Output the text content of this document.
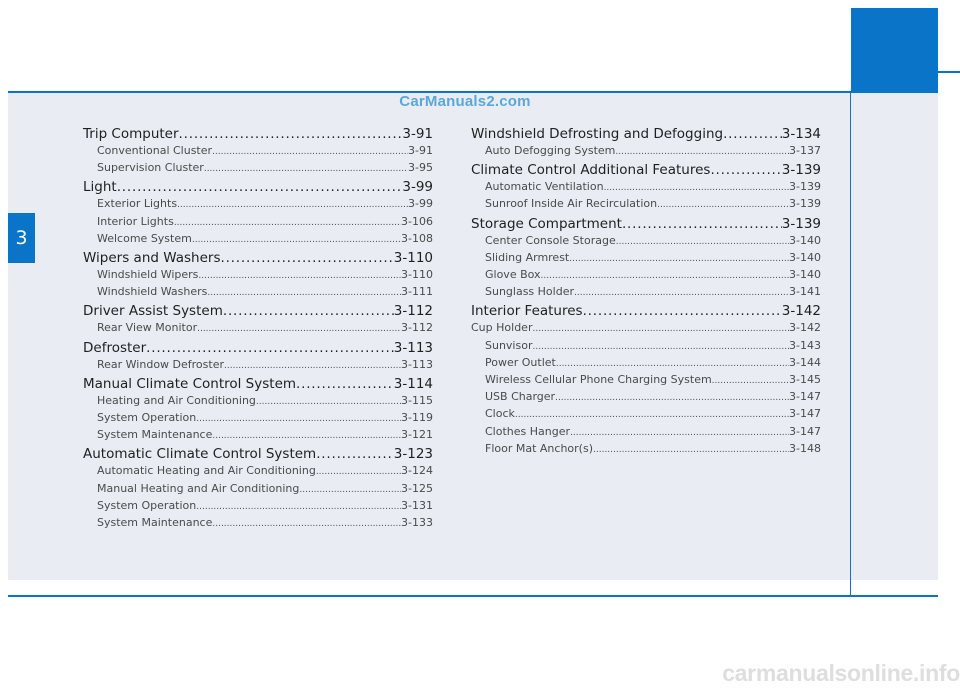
CarManuals2.com
3
Trip Computer .....	3-91
Conventional Cluster .....	3-91
Supervision Cluster .....	3-95
Light .....	3-99
Exterior Lights .....	3-99
Interior Lights .....	3-106
Welcome System .....	3-108
Wipers and Washers .....	3-110
Windshield Wipers .....	3-110
Windshield Washers .....	3-111
Driver Assist System .....	3-112
Rear View Monitor .....	3-112
Defroster .....	3-113
Rear Window Defroster .....	3-113
Manual Climate Control System .....	3-114
Heating and Air Conditioning .....	3-115
System Operation .....	3-119
System Maintenance .....	3-121
Automatic Climate Control System .....	3-123
Automatic Heating and Air Conditioning .....	3-124
Manual Heating and Air Conditioning .....	3-125
System Operation .....	3-131
System Maintenance .....	3-133
Windshield Defrosting and Defogging .....	3-134
Auto Defogging System .....	3-137
Climate Control Additional Features .....	3-139
Automatic Ventilation .....	3-139
Sunroof Inside Air Recirculation .....	3-139
Storage Compartment .....	3-139
Center Console Storage .....	3-140
Sliding Armrest .....	3-140
Glove Box .....	3-140
Sunglass Holder .....	3-141
Interior Features .....	3-142
Cup Holder .....	3-142
Sunvisor .....	3-143
Power Outlet .....	3-144
Wireless Cellular Phone Charging System .....	3-145
USB Charger .....	3-147
Clock .....	3-147
Clothes Hanger .....	3-147
Floor Mat Anchor(s) .....	3-148
carmanualsonline.info
